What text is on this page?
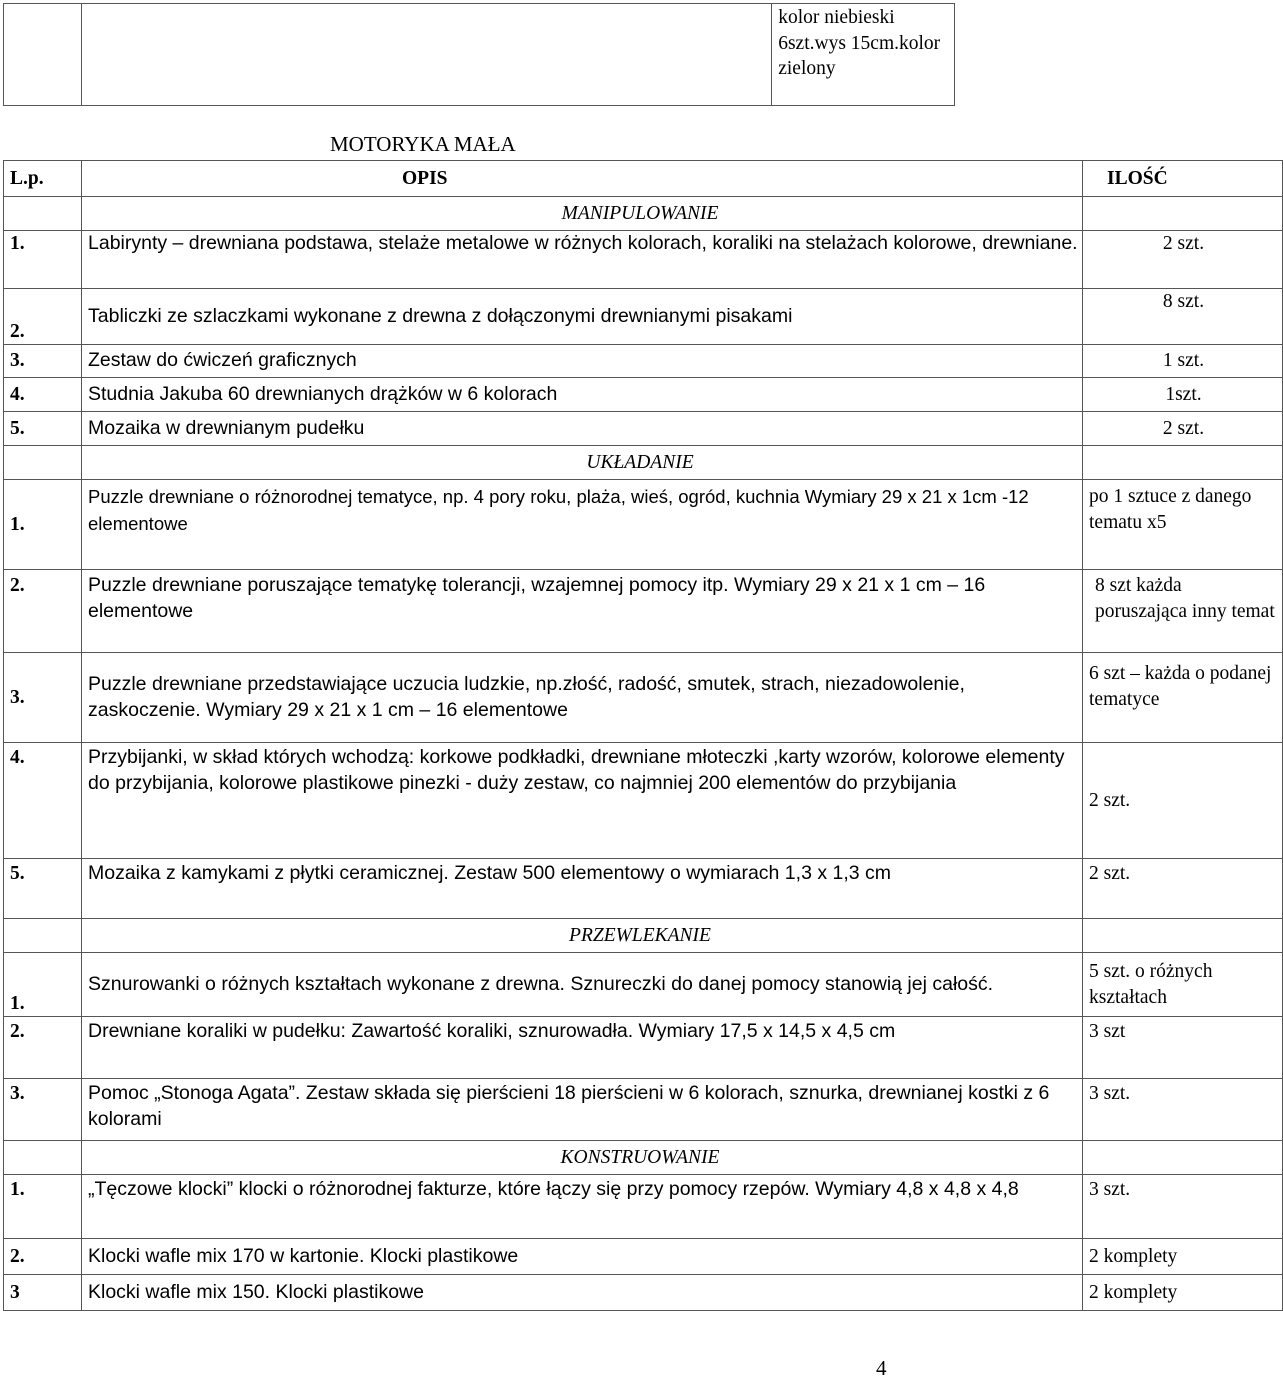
		kolor niebieski 6szt.wys 15cm.kolor zielony
MOTORYKA MAŁA
L.p.	OPIS	ILOŚĆ
	MANIPULOWANIE	
1.	Labirynty – drewniana podstawa, stelaże metalowe w różnych kolorach, koraliki na stelażach kolorowe, drewniane.	2 szt.
2.	Tabliczki ze szlaczkami wykonane z drewna z dołączonymi drewnianymi pisakami	8 szt.
3.	Zestaw do ćwiczeń graficznych	1 szt.
4.	Studnia Jakuba 60 drewnianych drążków w 6 kolorach	1szt.
5.	Mozaika w drewnianym pudełku	2 szt.
	UKŁADANIE	
1.	Puzzle drewniane o różnorodnej tematyce, np. 4 pory roku, plaża, wieś, ogród, kuchnia Wymiary 29 x 21 x 1cm -12 elementowe	po 1 sztuce z danego tematu x5
2.	Puzzle drewniane poruszające tematykę tolerancji, wzajemnej pomocy itp. Wymiary 29 x 21 x 1 cm – 16 elementowe	8 szt każda poruszająca inny temat
3.	Puzzle drewniane przedstawiające uczucia ludzkie, np.złość, radość, smutek, strach, niezadowolenie, zaskoczenie. Wymiary 29 x 21 x 1 cm – 16 elementowe	6 szt – każda o podanej tematyce
4.	Przybijanki, w skład których wchodzą: korkowe podkładki, drewniane młoteczki ,karty wzorów, kolorowe elementy do przybijania, kolorowe plastikowe pinezki - duży zestaw, co najmniej 200 elementów do przybijania	2 szt.
5.	Mozaika z kamykami z płytki ceramicznej. Zestaw 500 elementowy o wymiarach 1,3 x 1,3 cm	2 szt.
	PRZEWLEKANIE	
1.	Sznurowanki o różnych kształtach wykonane z drewna. Sznureczki do danej pomocy stanowią jej całość.	5 szt. o różnych kształtach
2.	Drewniane koraliki w pudełku: Zawartość koraliki, sznurowadła. Wymiary 17,5 x 14,5 x 4,5 cm	3 szt
3.	Pomoc „Stonoga Agata”. Zestaw składa się pierścieni 18 pierścieni w 6 kolorach, sznurka, drewnianej kostki z 6 kolorami	3 szt.
	KONSTRUOWANIE	
1.	„Tęczowe klocki” klocki o różnorodnej fakturze, które łączy się przy pomocy rzepów. Wymiary 4,8 x 4,8 x 4,8	3 szt.
2.	Klocki wafle mix 170 w kartonie. Klocki plastikowe	2 komplety
3	Klocki wafle mix 150. Klocki plastikowe	2 komplety
4
